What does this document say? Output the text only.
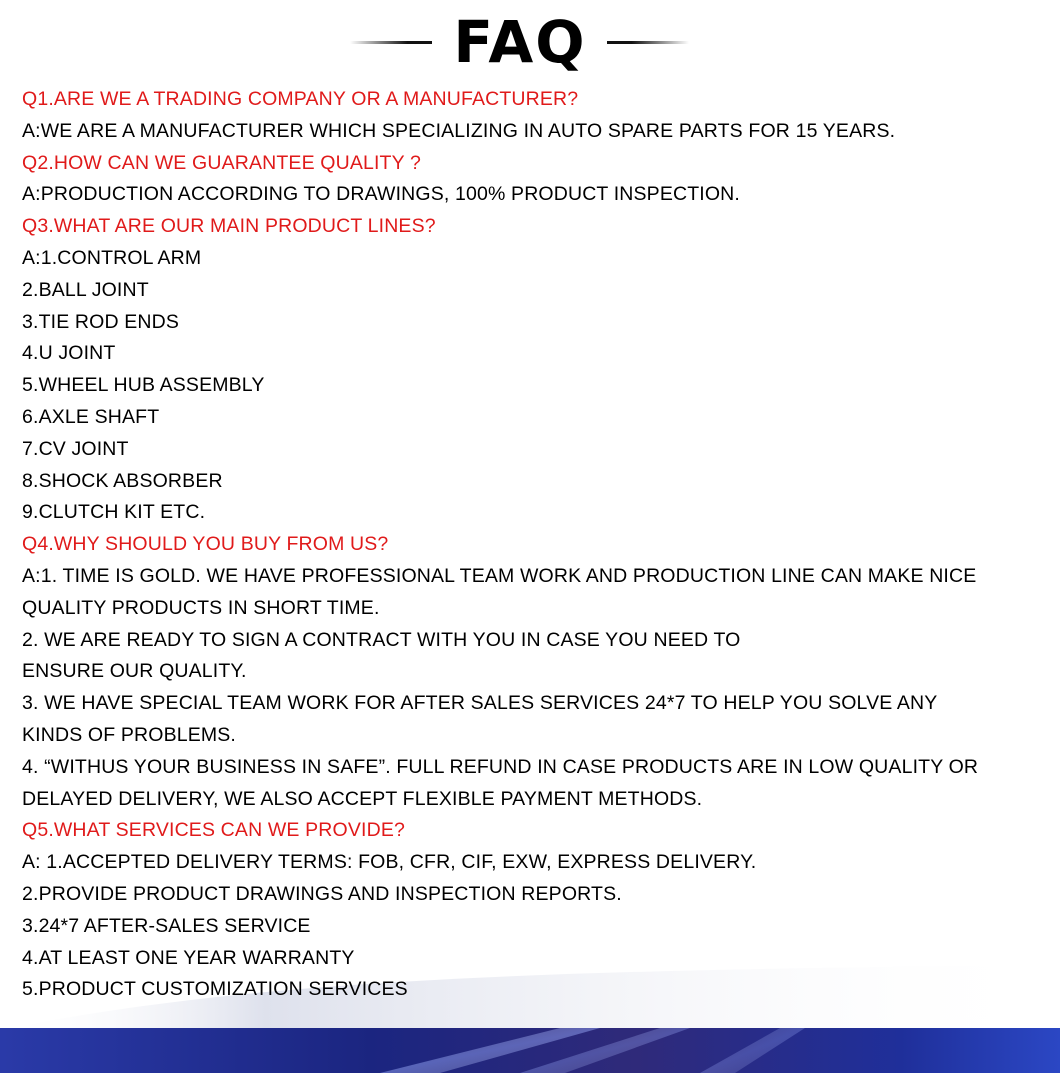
FAQ
Q1.ARE WE A TRADING COMPANY OR A MANUFACTURER?
A:WE ARE A MANUFACTURER WHICH SPECIALIZING IN AUTO SPARE PARTS FOR 15 YEARS.
Q2.HOW CAN WE GUARANTEE QUALITY ?
A:PRODUCTION ACCORDING TO DRAWINGS, 100% PRODUCT INSPECTION.
Q3.WHAT ARE OUR MAIN PRODUCT LINES?
A:1.CONTROL ARM
2.BALL JOINT
3.TIE ROD ENDS
4.U JOINT
5.WHEEL HUB ASSEMBLY
6.AXLE SHAFT
7.CV JOINT
8.SHOCK ABSORBER
9.CLUTCH KIT ETC.
Q4.WHY SHOULD YOU BUY FROM US?
A:1. TIME IS GOLD. WE HAVE PROFESSIONAL TEAM WORK AND PRODUCTION LINE CAN MAKE NICE
QUALITY PRODUCTS IN SHORT TIME.
2. WE ARE READY TO SIGN A CONTRACT WITH YOU IN CASE YOU NEED TO
ENSURE OUR QUALITY.
3. WE HAVE SPECIAL TEAM WORK FOR AFTER SALES SERVICES 24*7 TO HELP YOU SOLVE ANY
KINDS OF PROBLEMS.
4. “WITHUS YOUR BUSINESS IN SAFE”. FULL REFUND IN CASE PRODUCTS ARE IN LOW QUALITY OR
DELAYED DELIVERY, WE ALSO ACCEPT FLEXIBLE PAYMENT METHODS.
Q5.WHAT SERVICES CAN WE PROVIDE?
A: 1.ACCEPTED DELIVERY TERMS: FOB, CFR, CIF, EXW, EXPRESS DELIVERY.
2.PROVIDE PRODUCT DRAWINGS AND INSPECTION REPORTS.
3.24*7 AFTER-SALES SERVICE
4.AT LEAST ONE YEAR WARRANTY
5.PRODUCT CUSTOMIZATION SERVICES
